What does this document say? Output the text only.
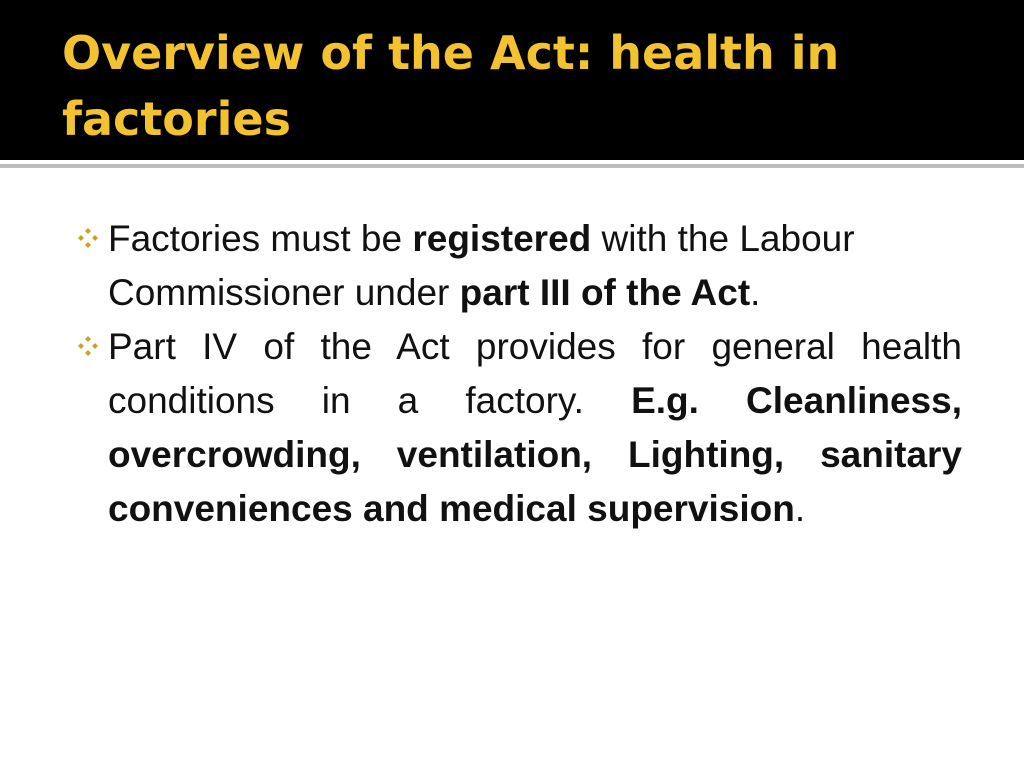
Overview of the Act: health in factories

Factories must be registered with the Labour Commissioner under part III of the Act.

Part IV of the Act provides for general health conditions in a factory. E.g. Cleanliness, overcrowding, ventilation, Lighting, sanitary conveniences and medical supervision.
